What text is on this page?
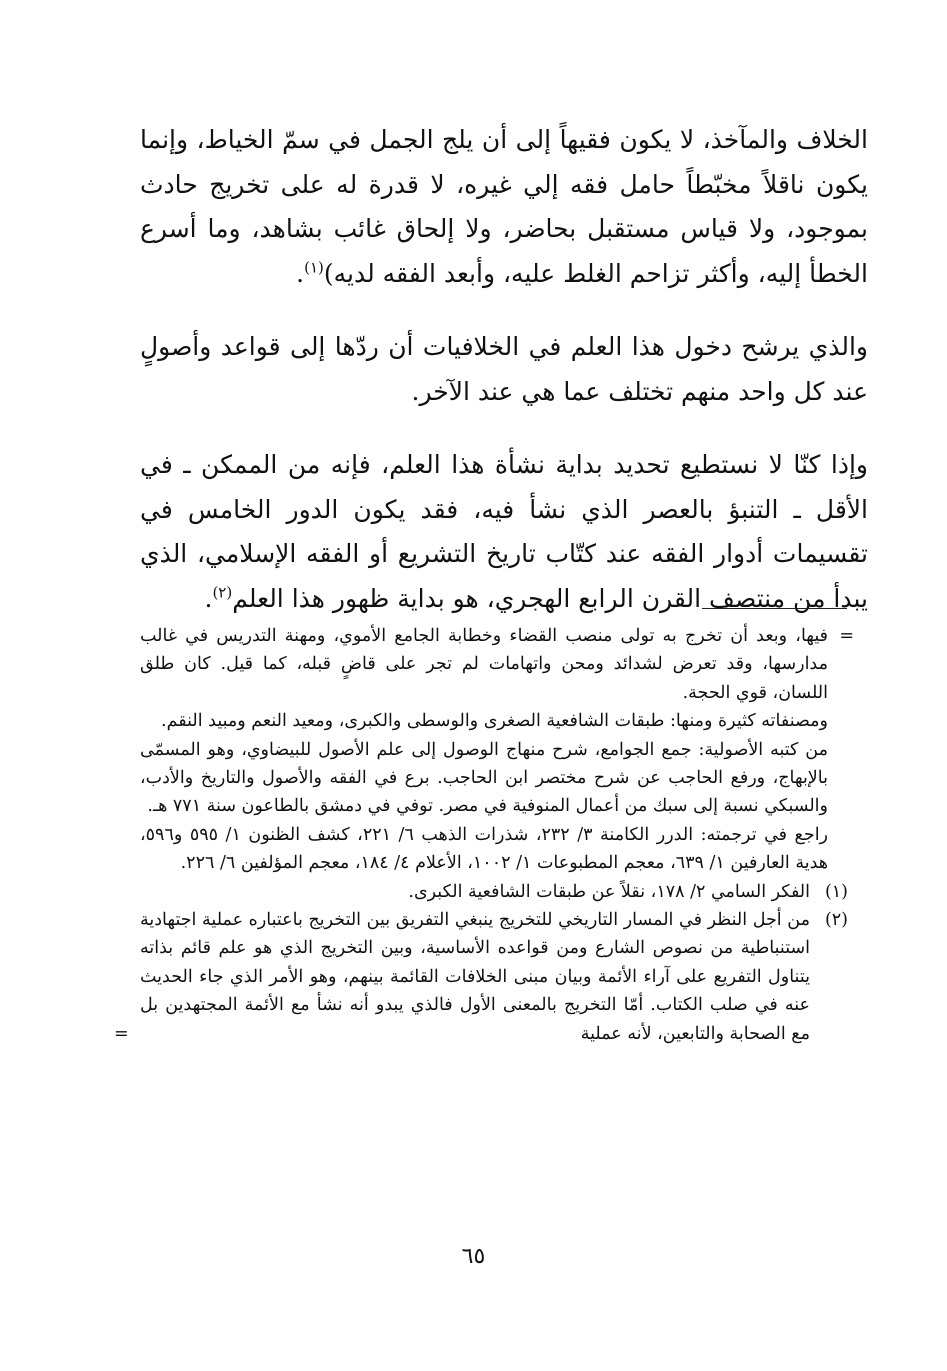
الخلاف والمآخذ، لا يكون فقيهاً إلى أن يلج الجمل في سمّ الخياط، وإنما يكون ناقلاً مخبّطاً حامل فقه إلي غيره، لا قدرة له على تخريج حادث بموجود، ولا قياس مستقبل بحاضر، ولا إلحاق غائب بشاهد، وما أسرع الخطأ إليه، وأكثر تزاحم الغلط عليه، وأبعد الفقه لديه)$^{(١)}$.

والذي يرشح دخول هذا العلم في الخلافيات أن ردّها إلى قواعد وأصولٍ عند كل واحد منهم تختلف عما هي عند الآخر.

وإذا كنّا لا نستطيع تحديد بداية نشأة هذا العلم، فإنه من الممكن ـ في الأقل ـ التنبؤ بالعصر الذي نشأ فيه، فقد يكون الدور الخامس في تقسيمات أدوار الفقه عند كتّاب تاريخ التشريع أو الفقه الإسلامي، الذي يبدأ من منتصف القرن الرابع الهجري، هو بداية ظهور هذا العلم$^{(٢)}$.

=
فيها، وبعد أن تخرج به تولى منصب القضاء وخطابة الجامع الأموي، ومهنة التدريس في غالب مدارسها، وقد تعرض لشدائد ومحن واتهامات لم تجر على قاضٍ قبله، كما قيل. كان طلق اللسان، قوي الحجة.
ومصنفاته كثيرة ومنها: طبقات الشافعية الصغرى والوسطى والكبرى، ومعيد النعم ومبيد النقم.
من كتبه الأصولية: جمع الجوامع، شرح منهاج الوصول إلى علم الأصول للبيضاوي، وهو المسمّى بالإبهاج، ورفع الحاجب عن شرح مختصر ابن الحاجب. برع في الفقه والأصول والتاريخ والأدب، والسبكي نسبة إلى سبك من أعمال المنوفية في مصر. توفي في دمشق بالطاعون سنة ٧٧١ هـ.
راجع في ترجمته: الدرر الكامنة ٣/ ٢٣٢، شذرات الذهب ٦/ ٢٢١، كشف الظنون ١/ ٥٩٥ و٥٩٦، هدية العارفين ١/ ٦٣٩، معجم المطبوعات ١/ ١٠٠٢، الأعلام ٤/ ١٨٤، معجم المؤلفين ٦/ ٢٢٦.
(١)
الفكر السامي ٢/ ١٧٨، نقلاً عن طبقات الشافعية الكبرى.
(٢)
من أجل النظر في المسار التاريخي للتخريج ينبغي التفريق بين التخريج باعتباره عملية اجتهادية استنباطية من نصوص الشارع ومن قواعده الأساسية، وبين التخريج الذي هو علم قائم بذاته يتناول التفريع على آراء الأئمة وبيان مبنى الخلافات القائمة بينهم، وهو الأمر الذي جاء الحديث عنه في صلب الكتاب. أمّا التخريج بالمعنى الأول فالذي يبدو أنه نشأ مع الأئمة المجتهدين بل مع الصحابة والتابعين، لأنه عملية
=
٦٥
